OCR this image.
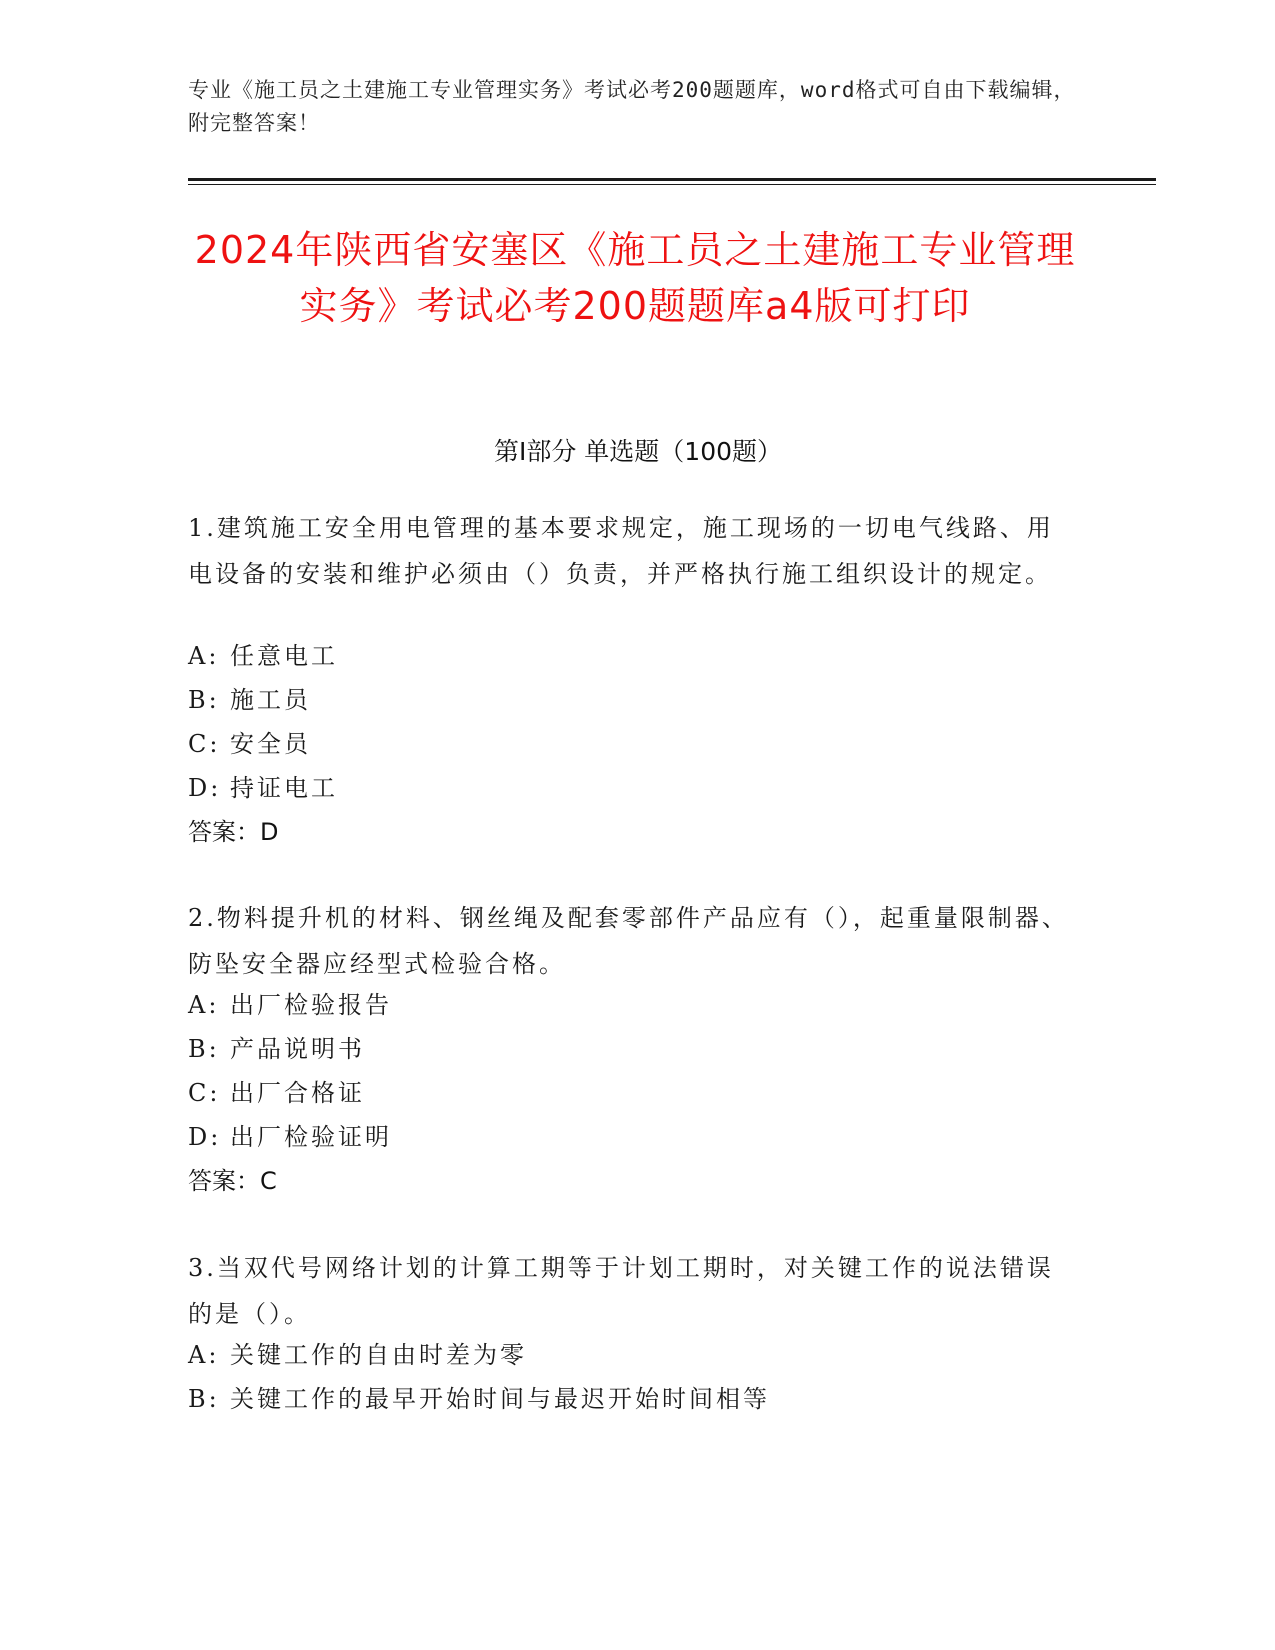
专业《施工员之土建施工专业管理实务》考试必考200题题库，word格式可自由下载编辑，附完整答案！
2024年陕西省安塞区《施工员之土建施工专业管理实务》考试必考200题题库a4版可打印
第I部分 单选题（100题）
1.建筑施工安全用电管理的基本要求规定，施工现场的一切电气线路、用电设备的安装和维护必须由（）负责，并严格执行施工组织设计的规定。
A: 任意电工
B: 施工员
C: 安全员
D: 持证电工
答案：D
2.物料提升机的材料、钢丝绳及配套零部件产品应有（），起重量限制器、防坠安全器应经型式检验合格。
A: 出厂检验报告
B: 产品说明书
C: 出厂合格证
D: 出厂检验证明
答案：C
3.当双代号网络计划的计算工期等于计划工期时，对关键工作的说法错误的是（）。
A: 关键工作的自由时差为零
B: 关键工作的最早开始时间与最迟开始时间相等
